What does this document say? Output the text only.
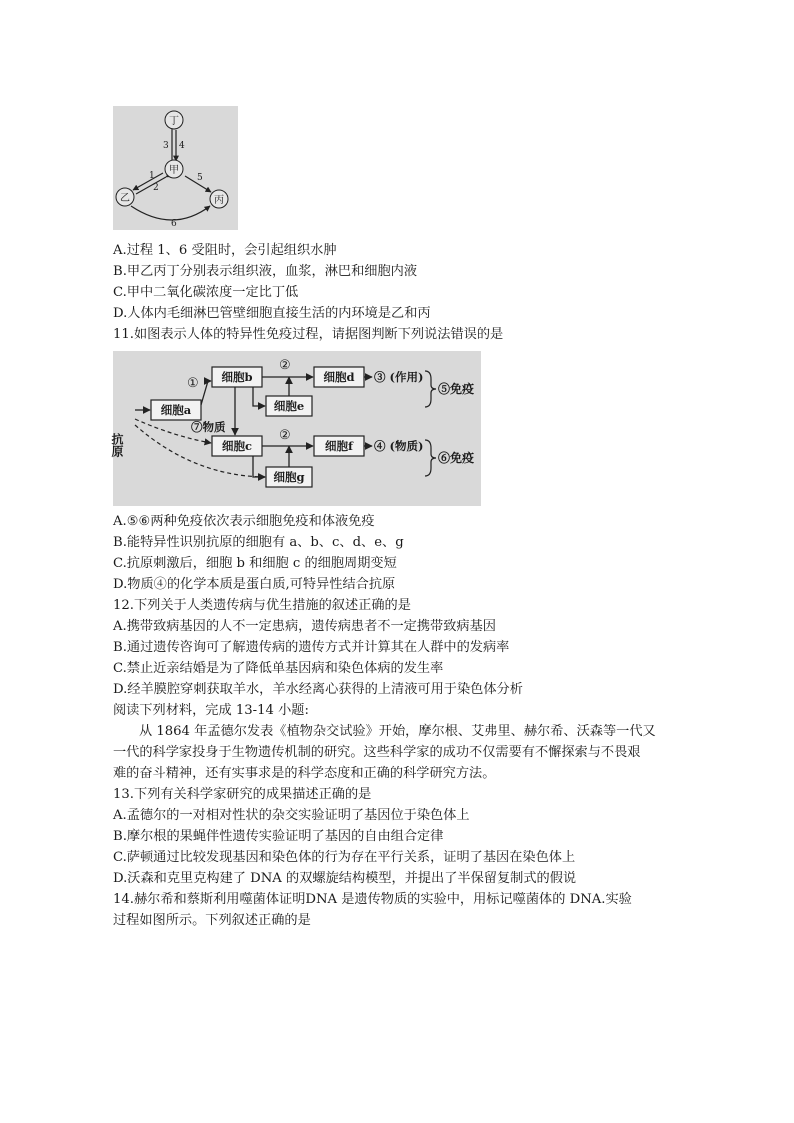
丁
甲
乙	丙
1
2
3 4
5
6
A.过程 1、6 受阻时，会引起组织水肿
B.甲乙丙丁分别表示组织液，血浆，淋巴和细胞内液
C.甲中二氧化碳浓度一定比丁低
D.人体内毛细淋巴管壁细胞直接生活的内环境是乙和丙
11.如图表示人体的特异性免疫过程，请据图判断下列说法错误的是
抗原
细胞a
细胞b
细胞e
细胞d
细胞c	细胞f
细胞g
①
②
⑦物质
②
③ (作用)
④ (物质)
⑤免疫
⑥免疫
A.⑤⑥两种免疫依次表示细胞免疫和体液免疫
B.能特异性识别抗原的细胞有 a、b、c、d、e、g
C.抗原刺激后，细胞 b 和细胞 c 的细胞周期变短
D.物质④的化学本质是蛋白质,可特异性结合抗原
12.下列关于人类遗传病与优生措施的叙述正确的是
A.携带致病基因的人不一定患病，遗传病患者不一定携带致病基因
B.通过遗传咨询可了解遗传病的遗传方式并计算其在人群中的发病率
C.禁止近亲结婚是为了降低单基因病和染色体病的发生率
D.经羊膜腔穿刺获取羊水，羊水经离心获得的上清液可用于染色体分析
阅读下列材料，完成 13-14 小题:
从 1864 年孟德尔发表《植物杂交试验》开始，摩尔根、艾弗里、赫尔希、沃森等一代又
一代的科学家投身于生物遗传机制的研究。这些科学家的成功不仅需要有不懈探索与不畏艰
难的奋斗精神，还有实事求是的科学态度和正确的科学研究方法。
13.下列有关科学家研究的成果描述正确的是
A.孟德尔的一对相对性状的杂交实验证明了基因位于染色体上
B.摩尔根的果蝇伴性遗传实验证明了基因的自由组合定律
C.萨顿通过比较发现基因和染色体的行为存在平行关系，证明了基因在染色体上
D.沃森和克里克构建了 DNA 的双螺旋结构模型，并提出了半保留复制式的假说
14.赫尔希和蔡斯利用噬菌体证明DNA 是遗传物质的实验中，用标记噬菌体的 DNA.实验
过程如图所示。下列叙述正确的是
